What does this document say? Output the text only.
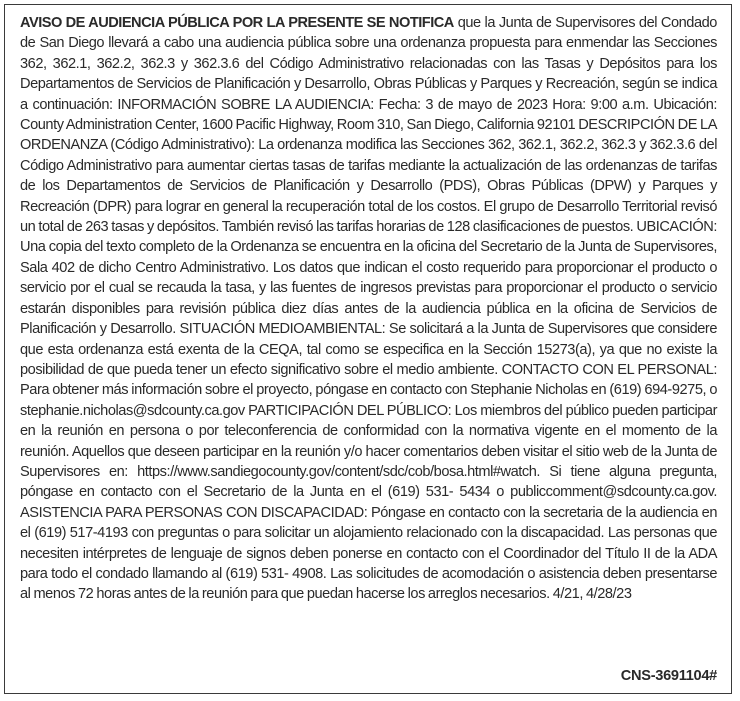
AVISO DE AUDIENCIA PÚBLICA POR LA PRESENTE SE NOTIFICA que la Junta de Supervisores del Condado de San Diego llevará a cabo una audiencia pública sobre una ordenanza propuesta para enmendar las Secciones 362, 362.1, 362.2, 362.3 y 362.3.6 del Código Administrativo relacionadas con las Tasas y Depósitos para los Departamentos de Servicios de Planificación y Desarrollo, Obras Públicas y Parques y Recreación, según se indica a continuación: INFORMACIÓN SOBRE LA AUDIENCIA: Fecha: 3 de mayo de 2023 Hora: 9:00 a.m. Ubicación: County Administration Center, 1600 Pacific Highway, Room 310, San Diego, California 92101 DESCRIPCIÓN DE LA ORDENANZA (Código Administrativo): La ordenanza modifica las Secciones 362, 362.1, 362.2, 362.3 y 362.3.6 del Código Administrativo para aumentar ciertas tasas de tarifas mediante la actualización de las ordenanzas de tarifas de los Departamentos de Servicios de Planificación y Desarrollo (PDS), Obras Públicas (DPW) y Parques y Recreación (DPR) para lograr en general la recuperación total de los costos. El grupo de Desarrollo Territorial revisó un total de 263 tasas y depósitos. También revisó las tarifas horarias de 128 clasificaciones de puestos. UBICACIÓN: Una copia del texto completo de la Ordenanza se encuentra en la oficina del Secretario de la Junta de Supervisores, Sala 402 de dicho Centro Administrativo. Los datos que indican el costo requerido para proporcionar el producto o servicio por el cual se recauda la tasa, y las fuentes de ingresos previstas para proporcionar el producto o servicio estarán disponibles para revisión pública diez días antes de la audiencia pública en la oficina de Servicios de Planificación y Desarrollo. SITUACIÓN MEDIOAMBIENTAL: Se solicitará a la Junta de Supervisores que considere que esta ordenanza está exenta de la CEQA, tal como se especifica en la Sección 15273(a), ya que no existe la posibilidad de que pueda tener un efecto significativo sobre el medio ambiente. CONTACTO CON EL PERSONAL: Para obtener más información sobre el proyecto, póngase en contacto con Stephanie Nicholas en (619) 694-9275, o stephanie.nicholas@sdcounty.ca.gov PARTICIPACIÓN DEL PÚBLICO: Los miembros del público pueden participar en la reunión en persona o por teleconferencia de conformidad con la normativa vigente en el momento de la reunión. Aquellos que deseen participar en la reunión y/o hacer comentarios deben visitar el sitio web de la Junta de Supervisores en: https://www.sandiegocounty.gov/content/sdc/cob/bosa.html#watch. Si tiene alguna pregunta, póngase en contacto con el Secretario de la Junta en el (619) 531- 5434 o publiccomment@sdcounty.ca.gov. ASISTENCIA PARA PERSONAS CON DISCAPACIDAD: Póngase en contacto con la secretaria de la audiencia en el (619) 517-4193 con preguntas o para solicitar un alojamiento relacionado con la discapacidad. Las personas que necesiten intérpretes de lenguaje de signos deben ponerse en contacto con el Coordinador del Título II de la ADA para todo el condado llamando al (619) 531- 4908. Las solicitudes de acomodación o asistencia deben presentarse al menos 72 horas antes de la reunión para que puedan hacerse los arreglos necesarios. 4/21, 4/28/23

CNS-3691104#
